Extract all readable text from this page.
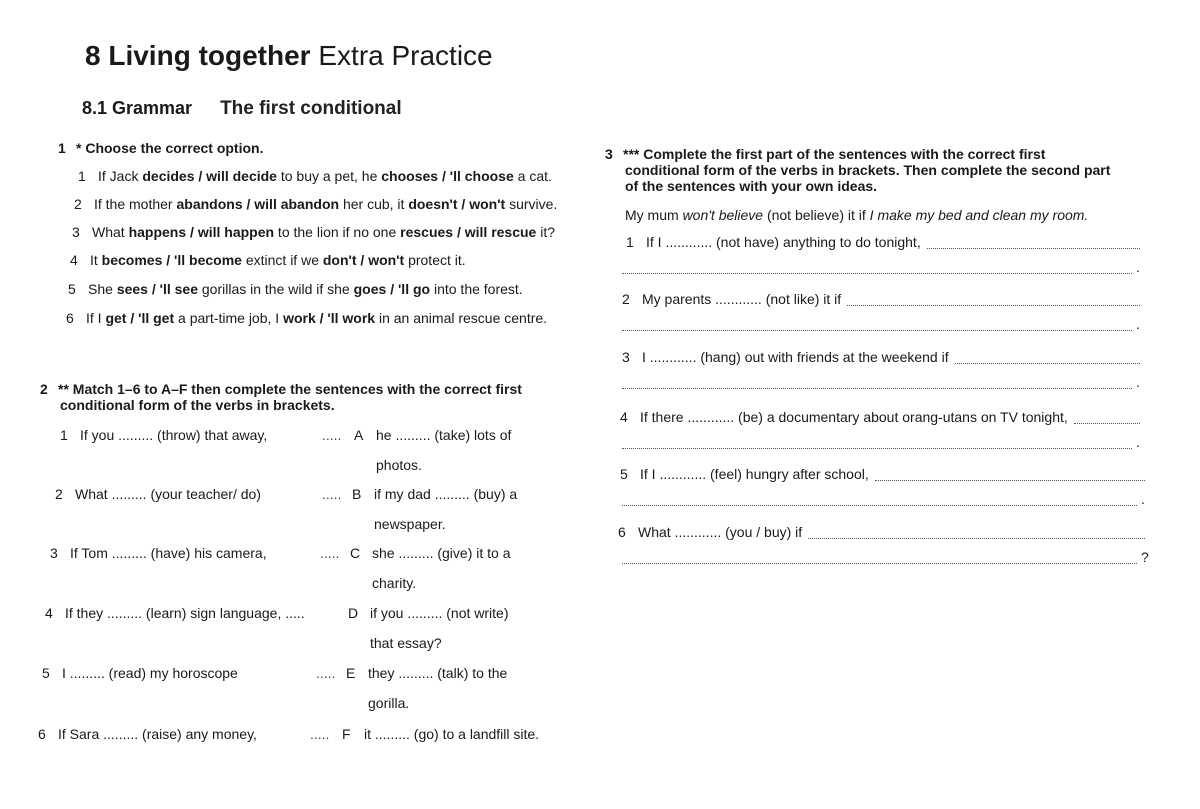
8 Living together Extra Practice
8.1 Grammar The first conditional
1 * Choose the correct option.
1 If Jack decides / will decide to buy a pet, he chooses / 'll choose a cat.
2 If the mother abandons / will abandon her cub, it doesn't / won't survive.
3 What happens / will happen to the lion if no one rescues / will rescue it?
4 It becomes / 'll become extinct if we don't / won't protect it.
5 She sees / 'll see gorillas in the wild if she goes / 'll go into the forest.
6 If I get / 'll get a part-time job, I work / 'll work in an animal rescue centre.
2 ** Match 1–6 to A–F then complete the sentences with the correct first
conditional form of the verbs in brackets.
1 If you ......... (throw) that away,
2 What ......... (your teacher/ do)
3 If Tom ......... (have) his camera,
4 If they ......... (learn) sign language, .....
5 I ......... (read) my horoscope
6 If Sara ......... (raise) any money,
..... A he ......... (take) lots of
photos.
..... B if my dad ......... (buy) a
newspaper.
..... C she ......... (give) it to a
charity.
D if you ......... (not write)
that essay?
..... E they ......... (talk) to the
gorilla.
..... F it ......... (go) to a landfill site.
3 *** Complete the first part of the sentences with the correct first
conditional form of the verbs in brackets. Then complete the second part
of the sentences with your own ideas.
My mum won't believe (not believe) it if I make my bed and clean my room.
1 If I ............ (not have) anything to do tonight,
.
2 My parents ............ (not like) it if
.
3 I ............ (hang) out with friends at the weekend if
.
4 If there ............ (be) a documentary about orang-utans on TV tonight,
.
5 If I ............ (feel) hungry after school,
.
6 What ............ (you / buy) if
?
